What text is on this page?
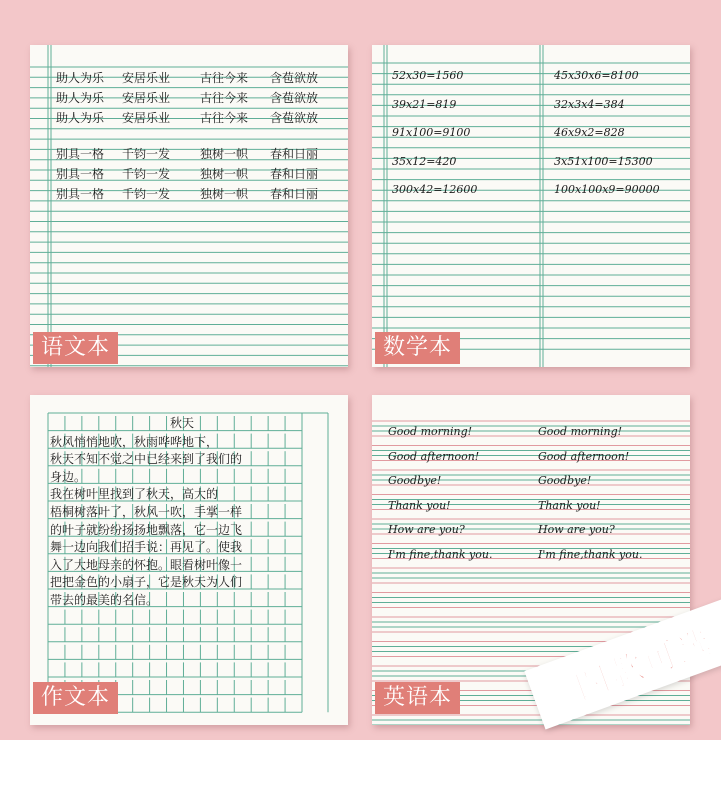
助人为乐 安居乐业 古往今来 含苞欲放
助人为乐 安居乐业 古往今来 含苞欲放
助人为乐 安居乐业 古往今来 含苞欲放
别具一格 千钧一发 独树一帜 春和日丽
别具一格 千钧一发 独树一帜 春和日丽
别具一格 千钧一发 独树一帜 春和日丽
语文本
52x30=1560
39x21=819
91x100=9100
35x12=420
300x42=12600
45x30x6=8100
32x3x4=384
46x9x2=828
3x51x100=15300
100x100x9=90000
数学本
秋天
秋风悄悄地吹，秋雨哗哗地下，
秋天不知不觉之中已经来到了我们的
身边。
我在树叶里找到了秋天，高大的
梧桐树落叶了，秋风一吹，手掌一样
的叶子就纷纷扬扬地飘落，它一边飞
舞一边向我们招手说：再见了。使我
入了大地母亲的怀抱。眼看树叶像一
把把金色的小扇子，它是秋天为人们
带去的最美的名信。
作文本
Good morning!
Good afternoon!
Goodbye!
Thank you!
How are you?
I'm fine,thank you.
Good morning!
Good afternoon!
Goodbye!
Thank you!
How are you?
I'm fine,thank you.
英语本	四款可选
